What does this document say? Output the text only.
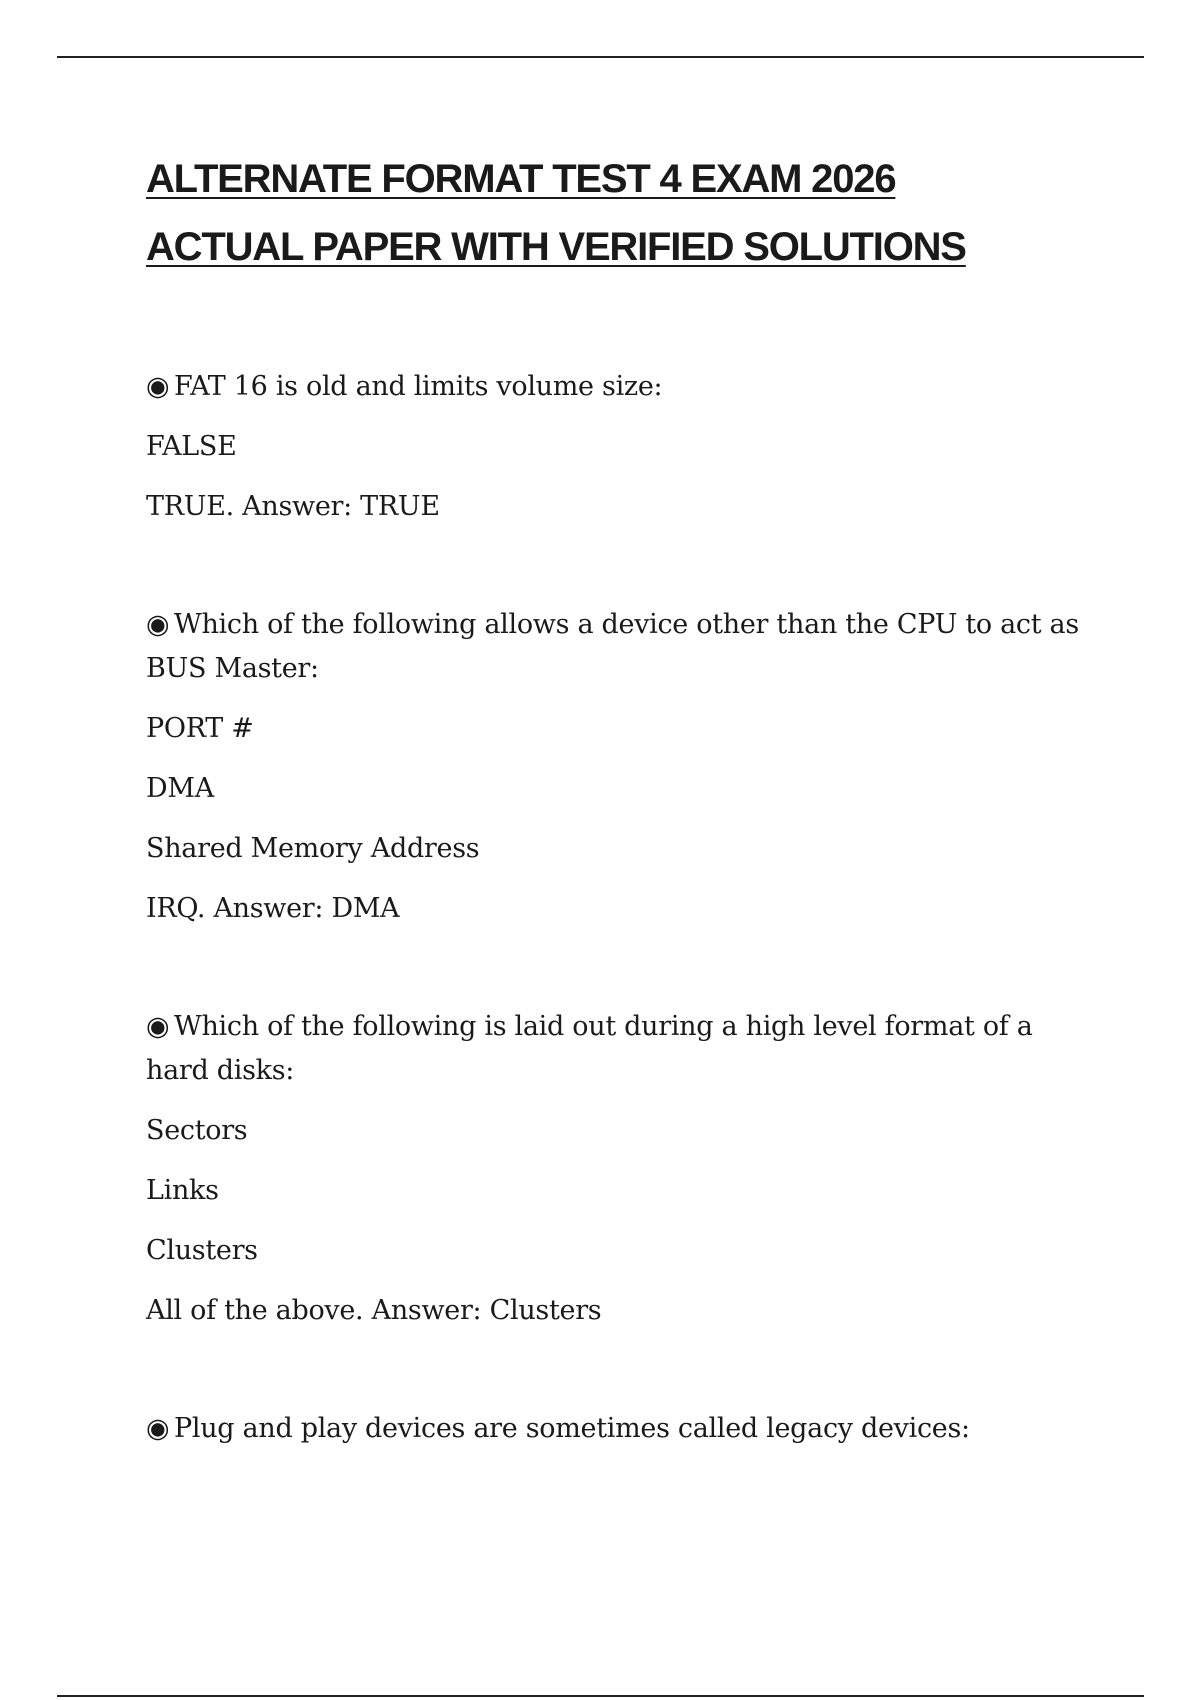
ALTERNATE FORMAT TEST 4 EXAM 2026
ACTUAL PAPER WITH VERIFIED SOLUTIONS

◉ FAT 16 is old and limits volume size:

FALSE
TRUE. Answer: TRUE

◉ Which of the following allows a device other than the CPU to act as BUS Master:

PORT #
DMA
Shared Memory Address
IRQ. Answer: DMA

◉ Which of the following is laid out during a high level format of a hard disks:

Sectors
Links
Clusters
All of the above. Answer: Clusters

◉ Plug and play devices are sometimes called legacy devices:
